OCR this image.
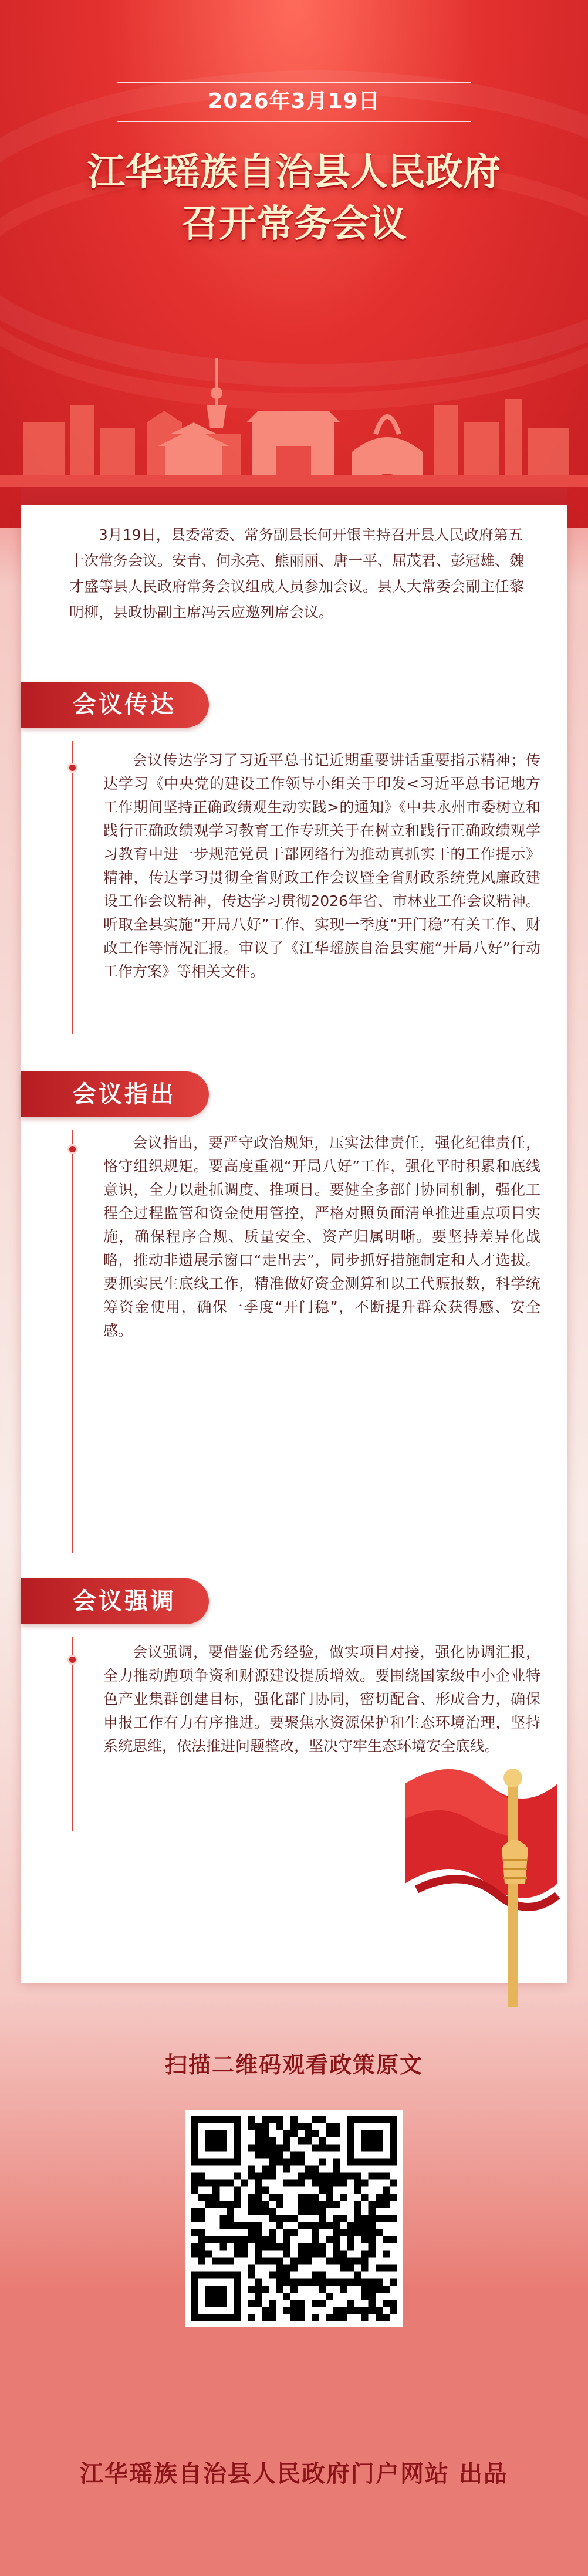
2026年3月19日
江华瑶族自治县人民政府
召开常务会议

3月19日，县委常委、常务副县长何开银主持召开县人民政府第五十次常务会议。安青、何永亮、熊丽丽、唐一平、屈茂君、彭冠雄、魏才盛等县人民政府常务会议组成人员参加会议。县人大常委会副主任黎明柳，县政协副主席冯云应邀列席会议。

会议传达

会议传达学习了习近平总书记近期重要讲话重要指示精神；传达学习《中央党的建设工作领导小组关于印发<习近平总书记地方工作期间坚持正确政绩观生动实践>的通知》《中共永州市委树立和践行正确政绩观学习教育工作专班关于在树立和践行正确政绩观学习教育中进一步规范党员干部网络行为推动真抓实干的工作提示》精神，传达学习贯彻全省财政工作会议暨全省财政系统党风廉政建设工作会议精神，传达学习贯彻2026年省、市林业工作会议精神。听取全县实施“开局八好”工作、实现一季度“开门稳”有关工作、财政工作等情况汇报。审议了《江华瑶族自治县实施“开局八好”行动工作方案》等相关文件。

会议指出

会议指出，要严守政治规矩，压实法律责任，强化纪律责任，恪守组织规矩。要高度重视“开局八好”工作，强化平时积累和底线意识，全力以赴抓调度、推项目。要健全多部门协同机制，强化工程全过程监管和资金使用管控，严格对照负面清单推进重点项目实施，确保程序合规、质量安全、资产归属明晰。要坚持差异化战略，推动非遗展示窗口“走出去”，同步抓好措施制定和人才选拔。要抓实民生底线工作，精准做好资金测算和以工代赈报数，科学统筹资金使用，确保一季度“开门稳”，不断提升群众获得感、安全感。

会议强调

会议强调，要借鉴优秀经验，做实项目对接，强化协调汇报，全力推动跑项争资和财源建设提质增效。要围绕国家级中小企业特色产业集群创建目标，强化部门协同，密切配合、形成合力，确保申报工作有力有序推进。要聚焦水资源保护和生态环境治理，坚持系统思维，依法推进问题整改，坚决守牢生态环境安全底线。

扫描二维码观看政策原文
江华瑶族自治县人民政府门户网站 出品
